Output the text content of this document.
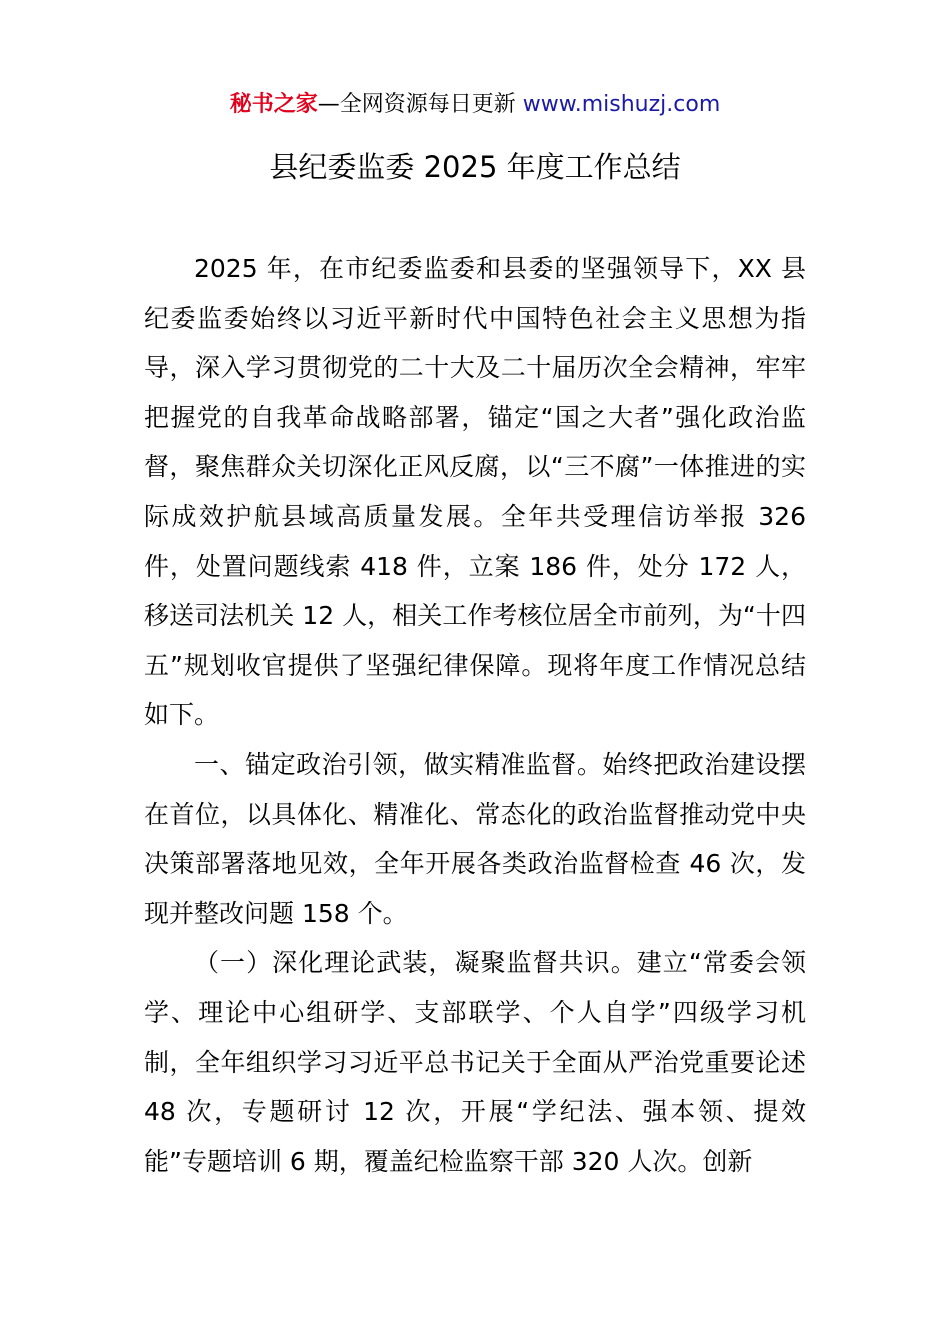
秘书之家—全网资源每日更新 www.mishuzj.com
县纪委监委 2025 年度工作总结

2025 年，在市纪委监委和县委的坚强领导下，XX 县纪委监委始终以习近平新时代中国特色社会主义思想为指导，深入学习贯彻党的二十大及二十届历次全会精神，牢牢把握党的自我革命战略部署，锚定“国之大者”强化政治监督，聚焦群众关切深化正风反腐，以“三不腐”一体推进的实际成效护航县域高质量发展。全年共受理信访举报 326 件，处置问题线索 418 件，立案 186 件，处分 172 人，移送司法机关 12 人，相关工作考核位居全市前列，为“十四五”规划收官提供了坚强纪律保障。现将年度工作情况总结如下。

一、锚定政治引领，做实精准监督。始终把政治建设摆在首位，以具体化、精准化、常态化的政治监督推动党中央决策部署落地见效，全年开展各类政治监督检查 46 次，发现并整改问题 158 个。

（一）深化理论武装，凝聚监督共识。建立“常委会领学、理论中心组研学、支部联学、个人自学”四级学习机制，全年组织学习习近平总书记关于全面从严治党重要论述 48 次，专题研讨 12 次，开展“学纪法、强本领、提效能”专题培训 6 期，覆盖纪检监察干部 320 人次。创新
